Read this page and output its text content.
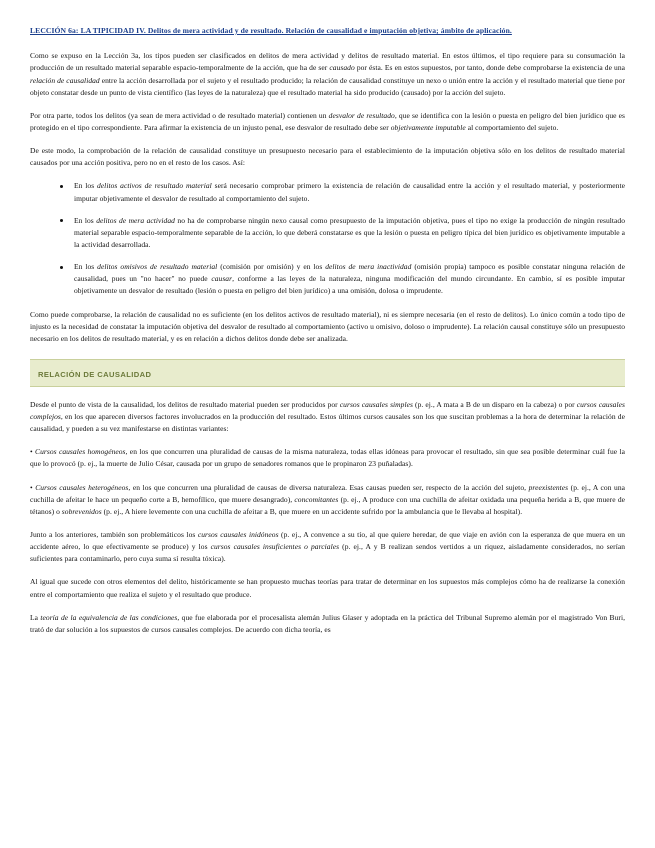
LECCIÓN 6a: LA TIPICIDAD IV. Delitos de mera actividad y de resultado. Relación de causalidad e imputación objetiva; ámbito de aplicación.

Como se expuso en la Lección 3a, los tipos pueden ser clasificados en delitos de mera actividad y delitos de resultado material. En estos últimos, el tipo requiere para su consumación la producción de un resultado material separable espacio-temporalmente de la acción, que ha de ser causado por ésta. Es en estos supuestos, por tanto, donde debe comprobarse la existencia de una relación de causalidad entre la acción desarrollada por el sujeto y el resultado producido; la relación de causalidad constituye un nexo o unión entre la acción y el resultado material que tiene por objeto constatar desde un punto de vista científico (las leyes de la naturaleza) que el resultado material ha sido producido (causado) por la acción del sujeto.

Por otra parte, todos los delitos (ya sean de mera actividad o de resultado material) contienen un desvalor de resultado, que se identifica con la lesión o puesta en peligro del bien jurídico que es protegido en el tipo correspondiente. Para afirmar la existencia de un injusto penal, ese desvalor de resultado debe ser objetivamente imputable al comportamiento del sujeto.

De este modo, la comprobación de la relación de causalidad constituye un presupuesto necesario para el establecimiento de la imputación objetiva sólo en los delitos de resultado material causados por una acción positiva, pero no en el resto de los casos. Así:

En los delitos activos de resultado material será necesario comprobar primero la existencia de relación de causalidad entre la acción y el resultado material, y posteriormente imputar objetivamente el desvalor de resultado al comportamiento del sujeto.
En los delitos de mera actividad no ha de comprobarse ningún nexo causal como presupuesto de la imputación objetiva, pues el tipo no exige la producción de ningún resultado material separable espacio-temporalmente separable de la acción, lo que deberá constatarse es que la lesión o puesta en peligro típica del bien jurídico es objetivamente imputable a la actividad desarrollada.
En los delitos omisivos de resultado material (comisión por omisión) y en los delitos de mera inactividad (omisión propia) tampoco es posible constatar ninguna relación de causalidad, pues un "no hacer" no puede causar, conforme a las leyes de la naturaleza, ninguna modificación del mundo circundante. En cambio, sí es posible imputar objetivamente un desvalor de resultado (lesión o puesta en peligro del bien jurídico) a una omisión, dolosa o imprudente.

Como puede comprobarse, la relación de causalidad no es suficiente (en los delitos activos de resultado material), ni es siempre necesaria (en el resto de delitos). Lo único común a todo tipo de injusto es la necesidad de constatar la imputación objetiva del desvalor de resultado al comportamiento (activo u omisivo, doloso o imprudente). La relación causal constituye sólo un presupuesto necesario en los delitos de resultado material, y es en relación a dichos delitos donde debe ser analizada.

RELACIÓN DE CAUSALIDAD

Desde el punto de vista de la causalidad, los delitos de resultado material pueden ser producidos por cursos causales simples (p. ej., A mata a B de un disparo en la cabeza) o por cursos causales complejos, en los que aparecen diversos factores involucrados en la producción del resultado. Estos últimos cursos causales son los que suscitan problemas a la hora de determinar la relación de causalidad, y pueden a su vez manifestarse en distintas variantes:

• Cursos causales homogéneos, en los que concurren una pluralidad de causas de la misma naturaleza, todas ellas idóneas para provocar el resultado, sin que sea posible determinar cuál fue la que lo provocó (p. ej., la muerte de Julio César, causada por un grupo de senadores romanos que le propinaron 23 puñaladas).

• Cursos causales heterogéneos, en los que concurren una pluralidad de causas de diversa naturaleza. Esas causas pueden ser, respecto de la acción del sujeto, preexistentes (p. ej., A con una cuchilla de afeitar le hace un pequeño corte a B, hemofílico, que muere desangrado), concomitantes (p. ej., A produce con una cuchilla de afeitar oxidada una pequeña herida a B, que muere de tétanos) o sobrevenidos (p. ej., A hiere levemente con una cuchilla de afeitar a B, que muere en un accidente sufrido por la ambulancia que le llevaba al hospital).

Junto a los anteriores, también son problemáticos los cursos causales inidóneos (p. ej., A convence a su tío, al que quiere heredar, de que viaje en avión con la esperanza de que muera en un accidente aéreo, lo que efectivamente se produce) y los cursos causales insuficientes o parciales (p. ej., A y B realizan sendos vertidos a un riquez, aisladamente considerados, no serían suficientes para contaminarlo, pero cuya suma sí resulta tóxica).

Al igual que sucede con otros elementos del delito, históricamente se han propuesto muchas teorías para tratar de determinar en los supuestos más complejos cómo ha de realizarse la conexión entre el comportamiento que realiza el sujeto y el resultado que produce.

La teoría de la equivalencia de las condiciones, que fue elaborada por el procesalista alemán Julius Glaser y adoptada en la práctica del Tribunal Supremo alemán por el magistrado Von Buri, trató de dar solución a los supuestos de cursos causales complejos. De acuerdo con dicha teoría, es
